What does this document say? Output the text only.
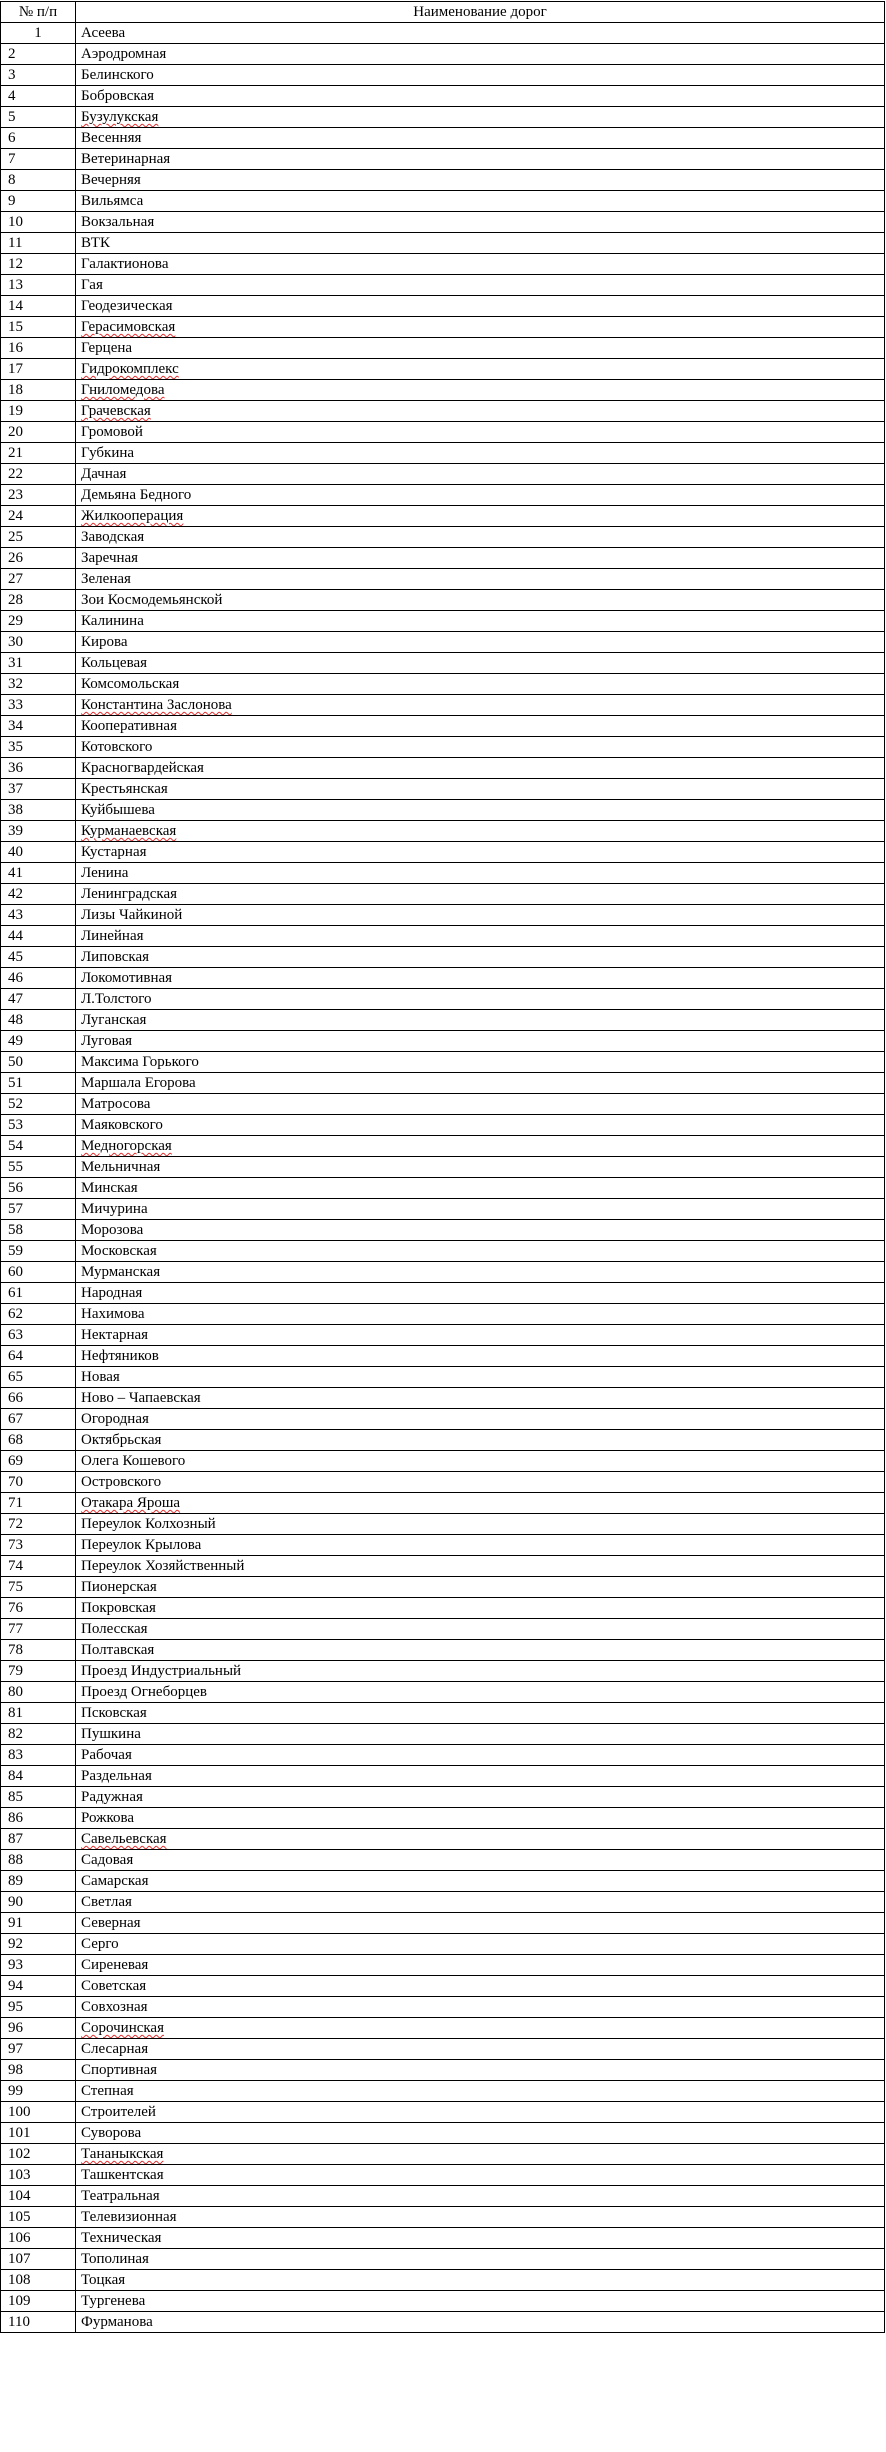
№ п/п	Наименование дорог
1	Асеева
2	Аэродромная
3	Белинского
4	Бобровская
5	Бузулукская
6	Весенняя
7	Ветеринарная
8	Вечерняя
9	Вильямса
10	Вокзальная
11	ВТК
12	Галактионова
13	Гая
14	Геодезическая
15	Герасимовская
16	Герцена
17	Гидрокомплекс
18	Гниломедова
19	Грачевская
20	Громовой
21	Губкина
22	Дачная
23	Демьяна Бедного
24	Жилкооперация
25	Заводская
26	Заречная
27	Зеленая
28	Зои Космодемьянской
29	Калинина
30	Кирова
31	Кольцевая
32	Комсомольская
33	Константина Заслонова
34	Кооперативная
35	Котовского
36	Красногвардейская
37	Крестьянская
38	Куйбышева
39	Курманаевская
40	Кустарная
41	Ленина
42	Ленинградская
43	Лизы Чайкиной
44	Линейная
45	Липовская
46	Локомотивная
47	Л.Толстого
48	Луганская
49	Луговая
50	Максима Горького
51	Маршала Егорова
52	Матросова
53	Маяковского
54	Медногорская
55	Мельничная
56	Минская
57	Мичурина
58	Морозова
59	Московская
60	Мурманская
61	Народная
62	Нахимова
63	Нектарная
64	Нефтяников
65	Новая
66	Ново – Чапаевская
67	Огородная
68	Октябрьская
69	Олега Кошевого
70	Островского
71	Отакара Яроша
72	Переулок Колхозный
73	Переулок Крылова
74	Переулок Хозяйственный
75	Пионерская
76	Покровская
77	Полесская
78	Полтавская
79	Проезд Индустриальный
80	Проезд Огнеборцев
81	Псковская
82	Пушкина
83	Рабочая
84	Раздельная
85	Радужная
86	Рожкова
87	Савельевская
88	Садовая
89	Самарская
90	Светлая
91	Северная
92	Серго
93	Сиреневая
94	Советская
95	Совхозная
96	Сорочинская
97	Слесарная
98	Спортивная
99	Степная
100	Строителей
101	Суворова
102	Тананыкская
103	Ташкентская
104	Театральная
105	Телевизионная
106	Техническая
107	Тополиная
108	Тоцкая
109	Тургенева
110	Фурманова
